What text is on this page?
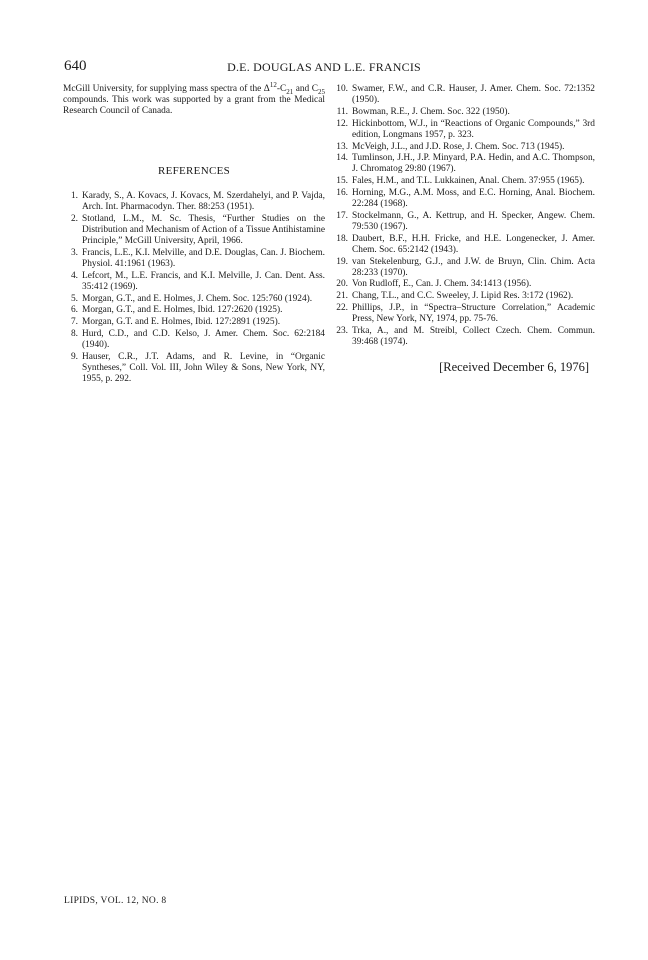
640	D.E. DOUGLAS AND L.E. FRANCIS

McGill University, for supplying mass spectra of the $\Delta^{12}-C_{21}$ and $C_{25}$ compounds. This work was supported by a grant from the Medical Research Council of Canada.

REFERENCES
1. Karady, S., A. Kovacs, J. Kovacs, M. Szerdahelyi, and P. Vajda, Arch. Int. Pharmacodyn. Ther. 88:253 (1951).
2. Stotland, L.M., M. Sc. Thesis, “Further Studies on the Distribution and Mechanism of Action of a Tissue Antihistamine Principle,” McGill University, April, 1966.
3. Francis, L.E., K.I. Melville, and D.E. Douglas, Can. J. Biochem. Physiol. 41:1961 (1963).
4. Lefcort, M., L.E. Francis, and K.I. Melville, J. Can. Dent. Ass. 35:412 (1969).
5. Morgan, G.T., and E. Holmes, J. Chem. Soc. 125:760 (1924).
6. Morgan, G.T., and E. Holmes, Ibid. 127:2620 (1925).
7. Morgan, G.T. and E. Holmes, Ibid. 127:2891 (1925).
8. Hurd, C.D., and C.D. Kelso, J. Amer. Chem. Soc. 62:2184 (1940).
9. Hauser, C.R., J.T. Adams, and R. Levine, in “Organic Syntheses,” Coll. Vol. III, John Wiley & Sons, New York, NY, 1955, p. 292.
10. Swamer, F.W., and C.R. Hauser, J. Amer. Chem. Soc. 72:1352 (1950).
11. Bowman, R.E., J. Chem. Soc. 322 (1950).
12. Hickinbottom, W.J., in “Reactions of Organic Compounds,” 3rd edition, Longmans 1957, p. 323.
13. McVeigh, J.L., and J.D. Rose, J. Chem. Soc. 713 (1945).
14. Tumlinson, J.H., J.P. Minyard, P.A. Hedin, and A.C. Thompson, J. Chromatog 29:80 (1967).
15. Fales, H.M., and T.L. Lukkainen, Anal. Chem. 37:955 (1965).
16. Horning, M.G., A.M. Moss, and E.C. Horning, Anal. Biochem. 22:284 (1968).
17. Stockelmann, G., A. Kettrup, and H. Specker, Angew. Chem. 79:530 (1967).
18. Daubert, B.F., H.H. Fricke, and H.E. Longenecker, J. Amer. Chem. Soc. 65:2142 (1943).
19. van Stekelenburg, G.J., and J.W. de Bruyn, Clin. Chim. Acta 28:233 (1970).
20. Von Rudloff, E., Can. J. Chem. 34:1413 (1956).
21. Chang, T.L., and C.C. Sweeley, J. Lipid Res. 3:172 (1962).
22. Phillips, J.P., in “Spectra–Structure Correlation,” Academic Press, New York, NY, 1974, pp. 75-76.
23. Trka, A., and M. Streibl, Collect Czech. Chem. Commun. 39:468 (1974).
[Received December 6, 1976]
LIPIDS, VOL. 12, NO. 8
